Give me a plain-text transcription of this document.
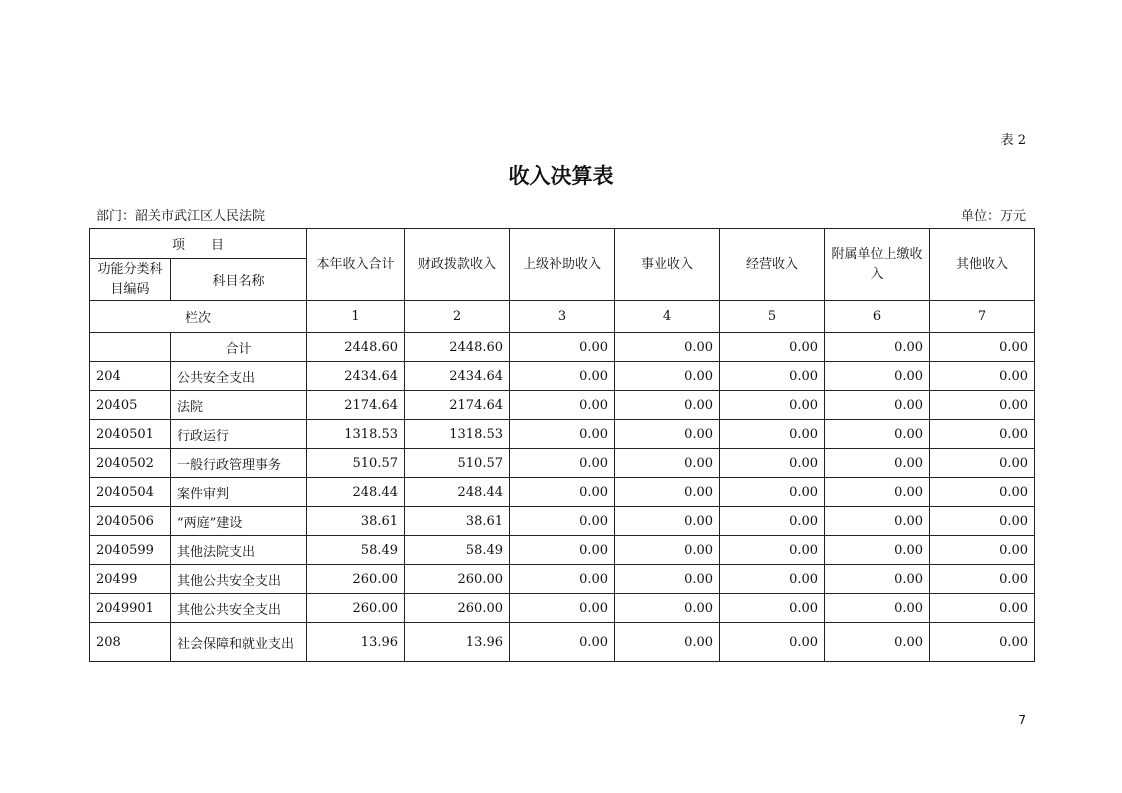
表 2
收入决算表
部门：韶关市武江区人民法院	单位：万元
项　　目		本年收入合计	财政拨款收入	上级补助收入	事业收入	经营收入	附属单位上缴收入	其他收入
功能分类科目编码	科目名称							
栏次		1	2	3	4	5	6	7
	合计	2448.60	2448.60	0.00	0.00	0.00	0.00	0.00
204	公共安全支出	2434.64	2434.64	0.00	0.00	0.00	0.00	0.00
20405	法院	2174.64	2174.64	0.00	0.00	0.00	0.00	0.00
2040501	行政运行	1318.53	1318.53	0.00	0.00	0.00	0.00	0.00
2040502	一般行政管理事务	510.57	510.57	0.00	0.00	0.00	0.00	0.00
2040504	案件审判	248.44	248.44	0.00	0.00	0.00	0.00	0.00
2040506	“两庭”建设	38.61	38.61	0.00	0.00	0.00	0.00	0.00
2040599	其他法院支出	58.49	58.49	0.00	0.00	0.00	0.00	0.00
20499	其他公共安全支出	260.00	260.00	0.00	0.00	0.00	0.00	0.00
2049901	其他公共安全支出	260.00	260.00	0.00	0.00	0.00	0.00	0.00
208	社会保障和就业支出	13.96	13.96	0.00	0.00	0.00	0.00	0.00
7
